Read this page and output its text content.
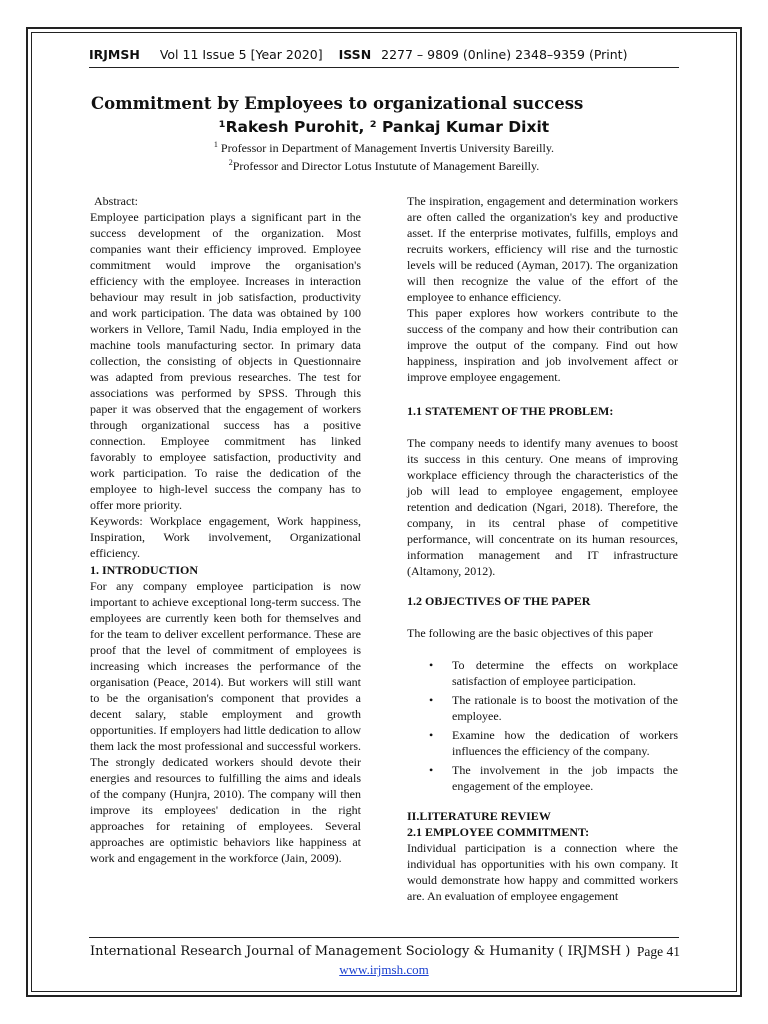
IRJMSH Vol 11 Issue 5 [Year 2020] ISSN 2277 – 9809 (0nline) 2348–9359 (Print)
Commitment by Employees to organizational success
¹Rakesh Purohit, ² Pankaj Kumar Dixit
$^1$ Professor in Department of Management Invertis University Bareilly.
$^2$Professor and Director Lotus Instutute of Management Bareilly.

Abstract:

Employee participation plays a significant part in the success development of the organization. Most companies want their efficiency improved. Employee commitment would improve the organisation's efficiency with the employee. Increases in interaction behaviour may result in job satisfaction, productivity and work participation. The data was obtained by 100 workers in Vellore, Tamil Nadu, India employed in the machine tools manufacturing sector. In primary data collection, the consisting of objects in Questionnaire was adapted from previous researches. The test for associations was performed by SPSS. Through this paper it was observed that the engagement of workers through organizational success has a positive connection. Employee commitment has linked favorably to employee satisfaction, productivity and work participation. To raise the dedication of the employee to high-level success the company has to offer more priority.

Keywords: Workplace engagement, Work happiness, Inspiration, Work involvement, Organizational efficiency.

1. INTRODUCTION

For any company employee participation is now important to achieve exceptional long-term success. The employees are currently keen both for themselves and for the team to deliver excellent performance. These are proof that the level of commitment of employees is increasing which increases the performance of the organisation (Peace, 2014). But workers will still want to be the organisation's component that provides a decent salary, stable employment and growth opportunities. If employers had little dedication to allow them lack the most professional and successful workers. The strongly dedicated workers should devote their energies and resources to fulfilling the aims and ideals of the company (Hunjra, 2010). The company will then improve its employees' dedication in the right approaches for retaining of employees. Several approaches are optimistic behaviors like happiness at work and engagement in the workforce (Jain, 2009).

The inspiration, engagement and determination workers are often called the organization's key and productive asset. If the enterprise motivates, fulfills, employs and recruits workers, efficiency will rise and the turnostic levels will be reduced (Ayman, 2017). The organization will then recognize the value of the effort of the employee to enhance efficiency.

This paper explores how workers contribute to the success of the company and how their contribution can improve the output of the company. Find out how happiness, inspiration and job involvement affect or improve employee engagement.

1.1 STATEMENT OF THE PROBLEM:

The company needs to identify many avenues to boost its success in this century. One means of improving workplace efficiency through the characteristics of the job will lead to employee engagement, employee retention and dedication (Ngari, 2018). Therefore, the company, in its central phase of competitive performance, will concentrate on its human resources, information management and IT infrastructure (Altamony, 2012).

1.2 OBJECTIVES OF THE PAPER

The following are the basic objectives of this paper

• To determine the effects on workplace satisfaction of employee participation.
• The rationale is to boost the motivation of the employee.
• Examine how the dedication of workers influences the efficiency of the company.
• The involvement in the job impacts the engagement of the employee.
II.LITERATURE REVIEW
2.1 EMPLOYEE COMMITMENT:

Individual participation is a connection where the individual has opportunities with his own company. It would demonstrate how happy and committed workers are. An evaluation of employee engagement

International Research Journal of Management Sociology & Humanity ( IRJMSH ) Page 41
www.irjmsh.com
